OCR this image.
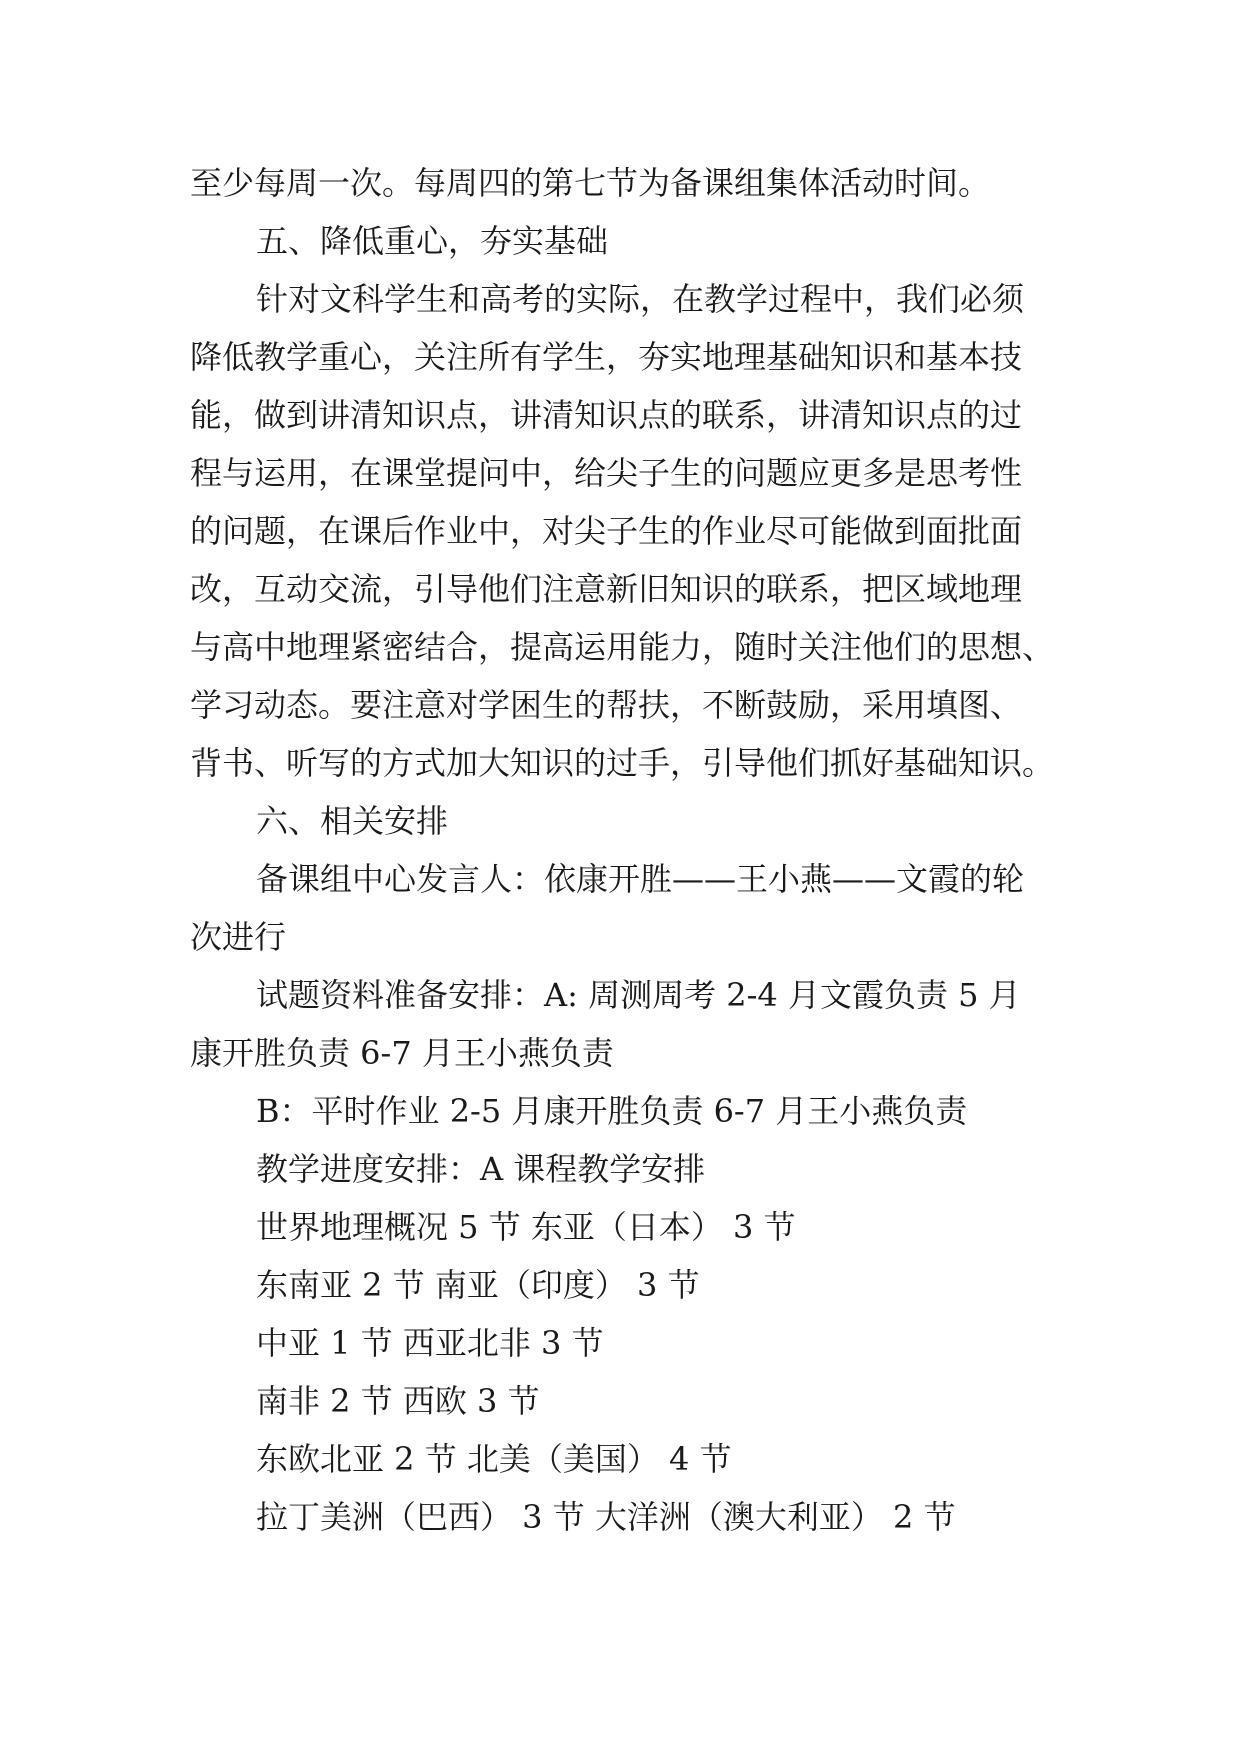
至少每周一次。每周四的第七节为备课组集体活动时间。
五、降低重心，夯实基础
针对文科学生和高考的实际，在教学过程中，我们必须
降低教学重心，关注所有学生，夯实地理基础知识和基本技
能，做到讲清知识点，讲清知识点的联系，讲清知识点的过
程与运用，在课堂提问中，给尖子生的问题应更多是思考性
的问题，在课后作业中，对尖子生的作业尽可能做到面批面
改，互动交流，引导他们注意新旧知识的联系，把区域地理
与高中地理紧密结合，提高运用能力，随时关注他们的思想、
学习动态。要注意对学困生的帮扶，不断鼓励，采用填图、
背书、听写的方式加大知识的过手，引导他们抓好基础知识。
六、相关安排
备课组中心发言人：依康开胜——王小燕——文霞的轮
次进行
试题资料准备安排：A: 周测周考 2-4 月文霞负责 5 月
康开胜负责 6-7 月王小燕负责
B：平时作业 2-5 月康开胜负责 6-7 月王小燕负责
教学进度安排：A 课程教学安排
世界地理概况 5 节 东亚（日本） 3 节
东南亚 2 节 南亚（印度） 3 节
中亚 1 节 西亚北非 3 节
南非 2 节 西欧 3 节
东欧北亚 2 节 北美（美国） 4 节
拉丁美洲（巴西） 3 节 大洋洲（澳大利亚） 2 节
